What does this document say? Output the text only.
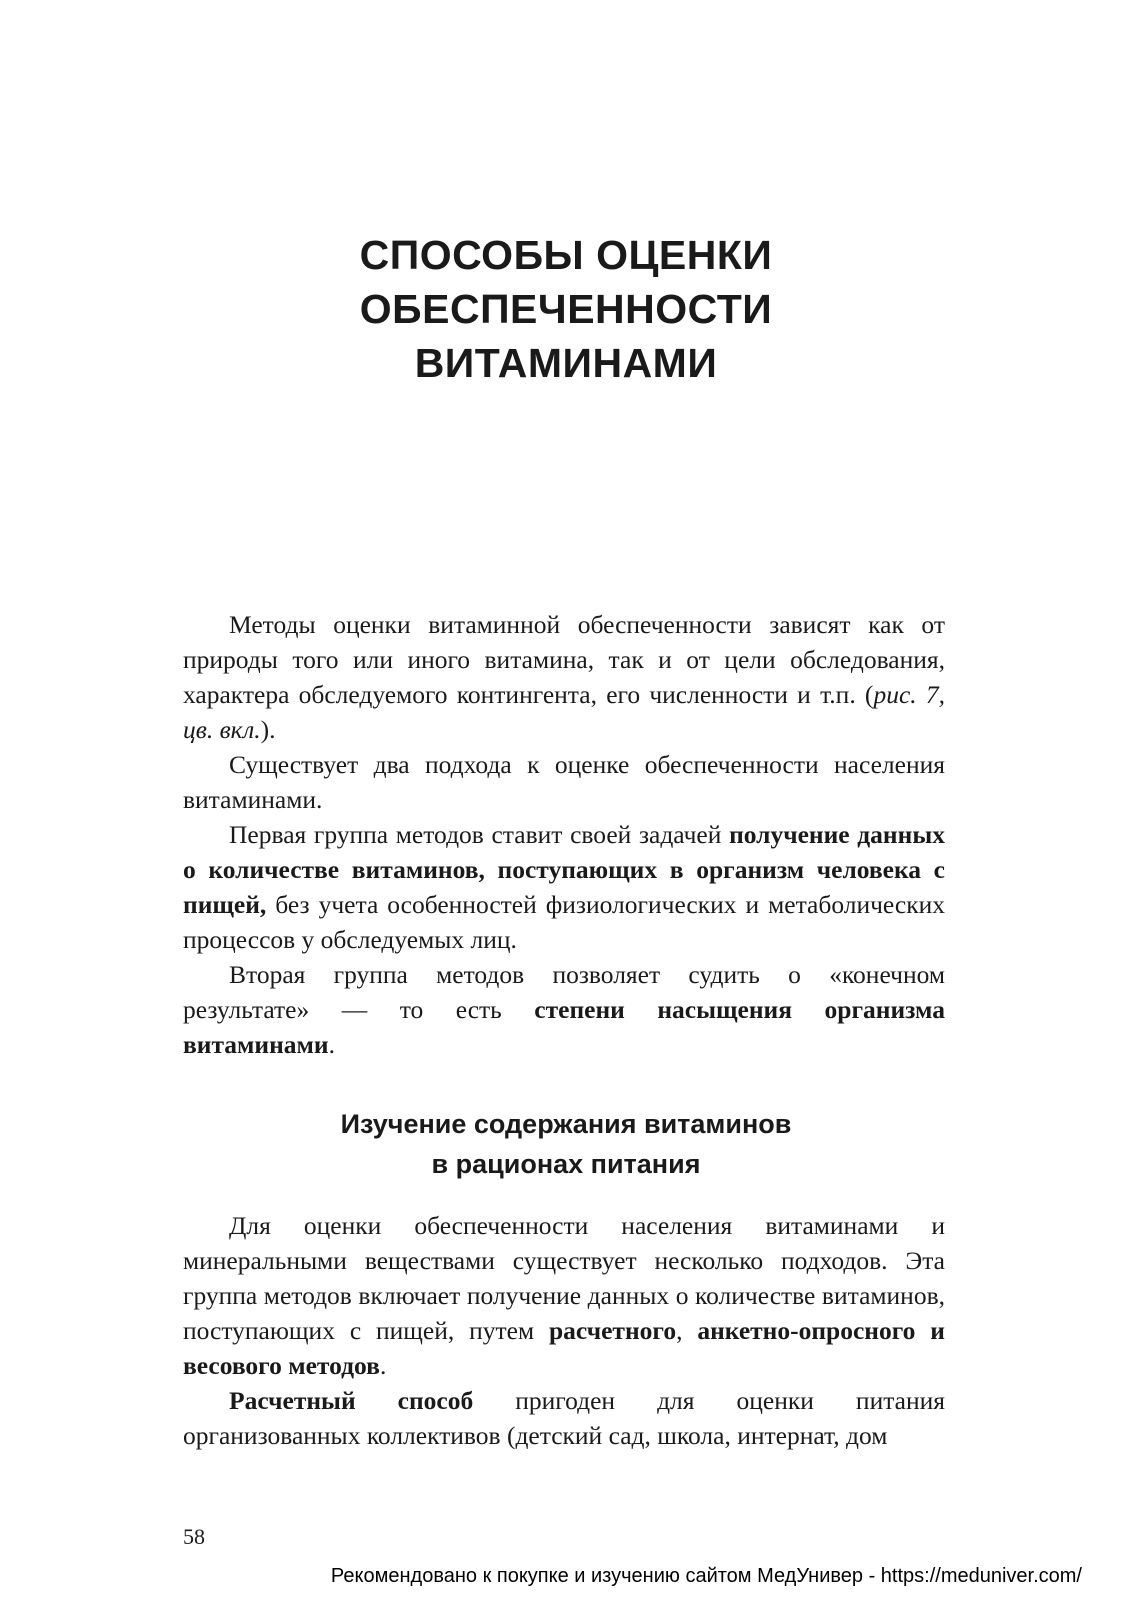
СПОСОБЫ ОЦЕНКИ
ОБЕСПЕЧЕННОСТИ
ВИТАМИНАМИ

Методы оценки витаминной обеспеченности зависят как от природы того или иного витамина, так и от цели обследования, характера обследуемого контингента, его численности и т.п. (рис. 7, цв. вкл.).

Существует два подхода к оценке обеспеченности населения витаминами.

Первая группа методов ставит своей задачей получение данных о количестве витаминов, поступающих в организм человека с пищей, без учета особенностей физиологических и метаболических процессов у обследуемых лиц.

Вторая группа методов позволяет судить о «конечном результате» — то есть степени насыщения организма витаминами.

Изучение содержания витаминов
в рационах питания

Для оценки обеспеченности населения витаминами и минеральными веществами существует несколько подходов. Эта группа методов включает получение данных о количестве витаминов, поступающих с пищей, путем расчетного, анкетно-опросного и весового методов.

Расчетный способ пригоден для оценки питания организованных коллективов (детский сад, школа, интернат, дом

58
Рекомендовано к покупке и изучению сайтом МедУнивер - https://meduniver.com/
